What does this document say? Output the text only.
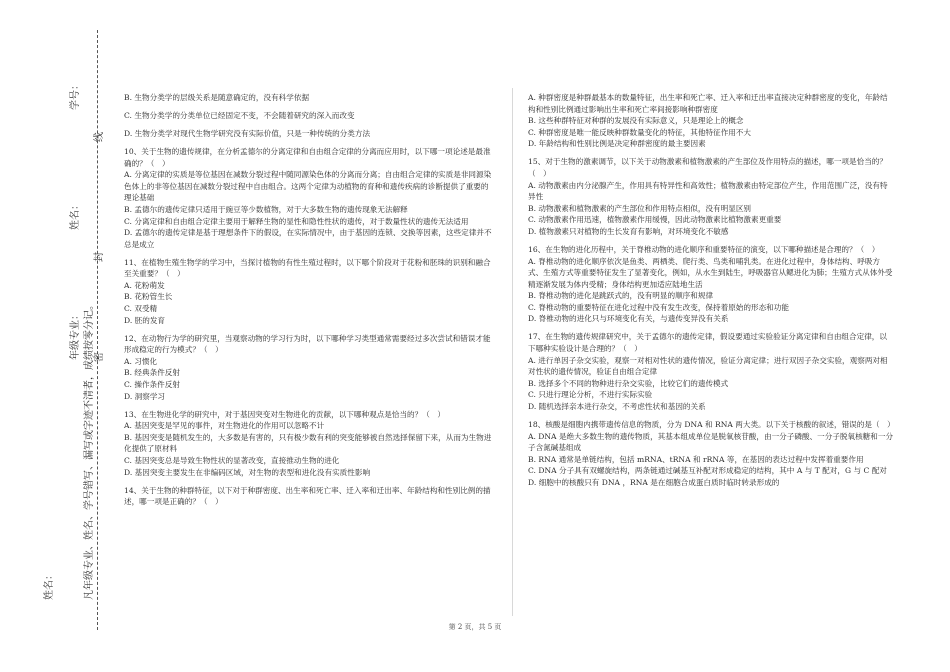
年级专业： 凡年级专业、姓名、学号错写、漏写或字迹不清者，成绩按零分记。 密
封
线
姓名：
姓名：
学号：	B. 生物分类学的层级关系是随意确定的，没有科学依据

C. 生物分类学的分类单位已经固定不变，不会随着研究的深入而改变

D. 生物分类学对现代生物学研究没有实际价值，只是一种传统的分类方法

10、关于生物的遗传规律，在分析孟德尔的分离定律和自由组合定律的分离而应用时，以下哪一项论述是最准确的？（　）

A. 分离定律的实质是等位基因在减数分裂过程中随同源染色体的分离而分离；自由组合定律的实质是非同源染色体上的非等位基因在减数分裂过程中自由组合。这两个定律为动植物的育种和遗传疾病的诊断提供了重要的理论基础
B. 孟德尔的遗传定律只适用于豌豆等少数植物，对于大多数生物的遗传现象无法解释
C. 分离定律和自由组合定律主要用于解释生物的显性和隐性性状的遗传，对于数量性状的遗传无法适用
D. 孟德尔的遗传定律是基于理想条件下的假设，在实际情况中，由于基因的连锁、交换等因素，这些定律并不总是成立

11、在植物生殖生物学的学习中，当探讨植物的有性生殖过程时，以下哪个阶段对于花粉和胚珠的识别和融合至关重要？（　）

A. 花粉萌发
B. 花粉管生长
C. 双受精
D. 胚的发育

12、在动物行为学的研究里，当观察动物的学习行为时，以下哪种学习类型通常需要经过多次尝试和错误才能形成稳定的行为模式？（　）

A. 习惯化
B. 经典条件反射
C. 操作条件反射
D. 洞察学习

13、在生物进化学的研究中，对于基因突变对生物进化的贡献，以下哪种观点是恰当的？（　）

A. 基因突变是罕见的事件，对生物进化的作用可以忽略不计
B. 基因突变是随机发生的，大多数是有害的，只有极少数有利的突变能够被自然选择保留下来，从而为生物进化提供了原材料
C. 基因突变总是导致生物性状的显著改变，直接推动生物的进化
D. 基因突变主要发生在非编码区域，对生物的表型和进化没有实质性影响

14、关于生物的种群特征，以下对于种群密度、出生率和死亡率、迁入率和迁出率、年龄结构和性别比例的描述，哪一项是正确的？（　）

A. 种群密度是种群最基本的数量特征，出生率和死亡率、迁入率和迁出率直接决定种群密度的变化，年龄结构和性别比例通过影响出生率和死亡率间接影响种群密度
B. 这些种群特征对种群的发展没有实际意义，只是理论上的概念
C. 种群密度是唯一能反映种群数量变化的特征，其他特征作用不大
D. 年龄结构和性别比例是决定种群密度的最主要因素

15、对于生物的激素调节，以下关于动物激素和植物激素的产生部位及作用特点的描述，哪一项是恰当的？（　）

A. 动物激素由内分泌腺产生，作用具有特异性和高效性；植物激素由特定部位产生，作用范围广泛，没有特异性
B. 动物激素和植物激素的产生部位和作用特点相似，没有明显区别
C. 动物激素作用迅速，植物激素作用缓慢，因此动物激素比植物激素更重要
D. 植物激素只对植物的生长发育有影响，对环境变化不敏感

16、在生物的进化历程中，关于脊椎动物的进化顺序和重要特征的演变，以下哪种描述是合理的？（　）

A. 脊椎动物的进化顺序依次是鱼类、两栖类、爬行类、鸟类和哺乳类。在进化过程中，身体结构、呼吸方式、生殖方式等重要特征发生了显著变化，例如，从水生到陆生，呼吸器官从鳃进化为肺；生殖方式从体外受精逐渐发展为体内受精；身体结构更加适应陆地生活
B. 脊椎动物的进化是跳跃式的，没有明显的顺序和规律
C. 脊椎动物的重要特征在进化过程中没有发生改变，保持着原始的形态和功能
D. 脊椎动物的进化只与环境变化有关，与遗传变异没有关系

17、在生物的遗传规律研究中，关于孟德尔的遗传定律，假设要通过实验验证分离定律和自由组合定律，以下哪种实验设计是合理的？（　）

A. 进行单因子杂交实验，观察一对相对性状的遗传情况，验证分离定律；进行双因子杂交实验，观察两对相对性状的遗传情况，验证自由组合定律
B. 选择多个不同的物种进行杂交实验，比较它们的遗传模式
C. 只进行理论分析，不进行实际实验
D. 随机选择亲本进行杂交，不考虑性状和基因的关系

18、核酸是细胞内携带遗传信息的物质，分为 DNA 和 RNA 两大类。以下关于核酸的叙述，错误的是（　）

A. DNA 是绝大多数生物的遗传物质，其基本组成单位是脱氧核苷酸，由一分子磷酸、一分子脱氧核糖和一分子含氮碱基组成
B. RNA 通常是单链结构，包括 mRNA、tRNA 和 rRNA 等，在基因的表达过程中发挥着重要作用
C. DNA 分子具有双螺旋结构，两条链通过碱基互补配对形成稳定的结构，其中 A 与 T 配对，G 与 C 配对
D. 细胞中的核酸只有 DNA ，RNA 是在细胞合成蛋白质时临时转录形成的
第 2 页，共 5 页
